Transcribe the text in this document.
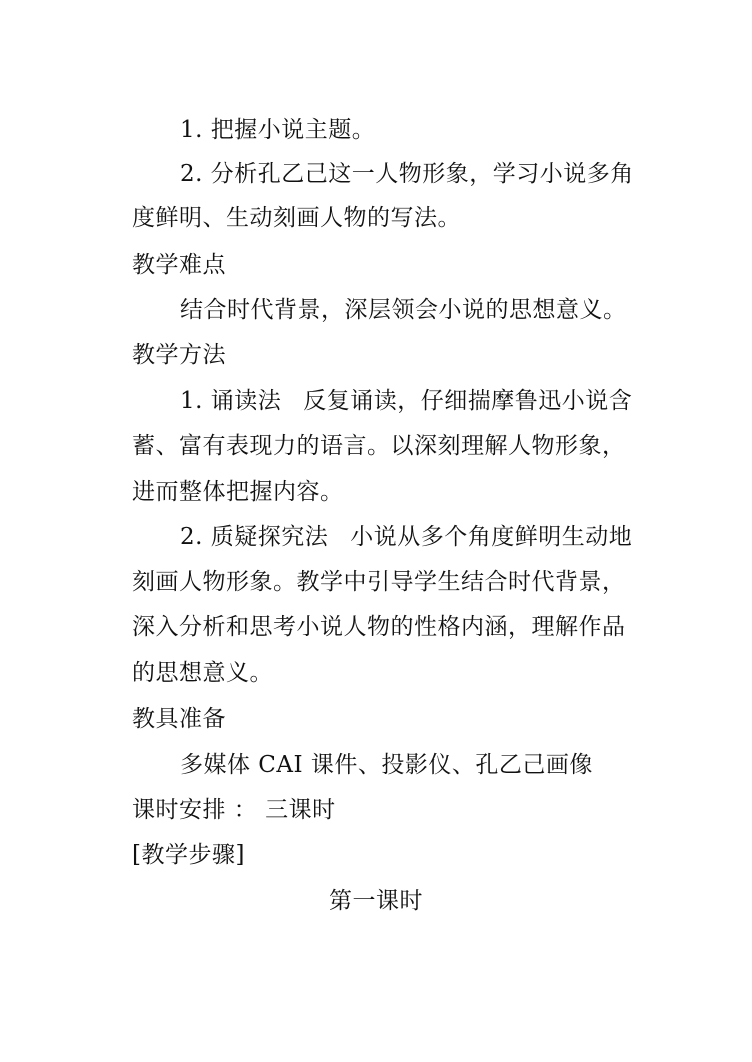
1. 把握小说主题。
2. 分析孔乙己这一人物形象，学习小说多角
度鲜明、生动刻画人物的写法。
教学难点
结合时代背景，深层领会小说的思想意义。
教学方法
1. 诵读法 反复诵读，仔细揣摩鲁迅小说含
蓄、富有表现力的语言。以深刻理解人物形象，
进而整体把握内容。
2. 质疑探究法 小说从多个角度鲜明生动地
刻画人物形象。教学中引导学生结合时代背景，
深入分析和思考小说人物的性格内涵，理解作品
的思想意义。
教具准备
多媒体 CAI 课件、投影仪、孔乙己画像
课时安排 ： 三课时
[教学步骤]
第一课时
